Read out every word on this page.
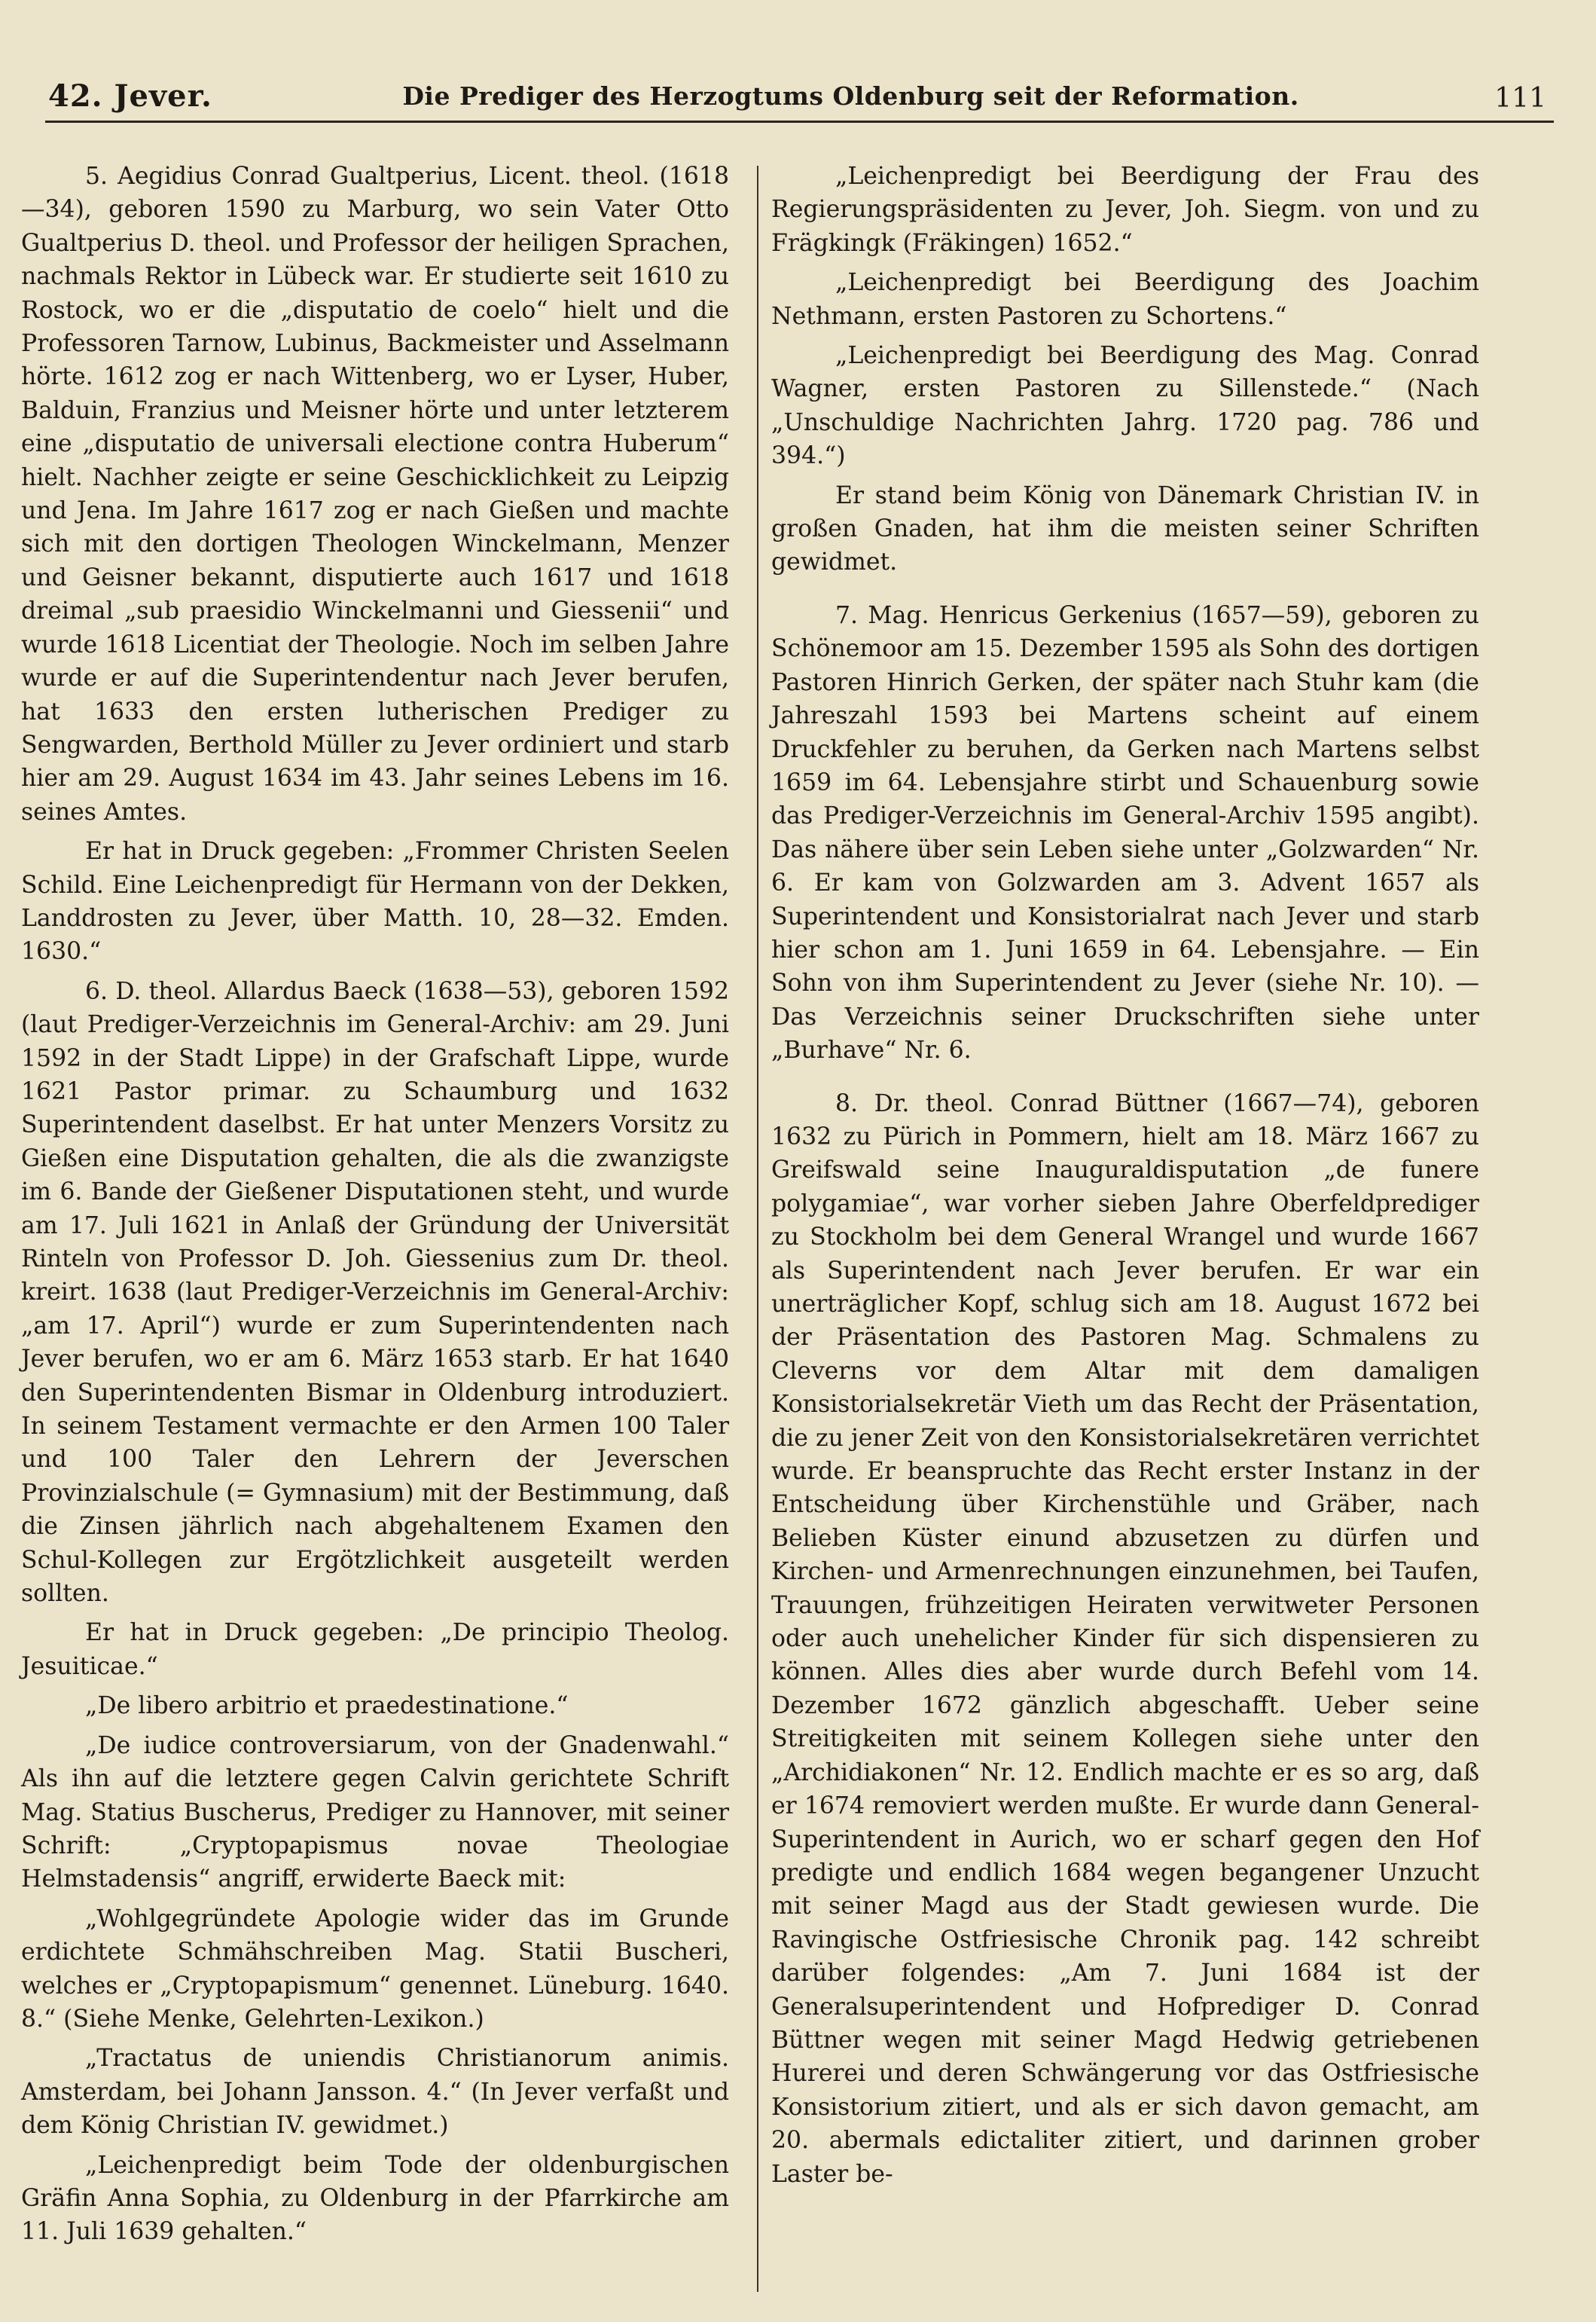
42. Jever.	Die Prediger des Herzogtums Oldenburg seit der Reformation.	111

5. Aegidius Conrad Gualtperius, Licent. theol. (1618—34), geboren 1590 zu Marburg, wo sein Vater Otto Gualtperius D. theol. und Professor der heiligen Sprachen, nachmals Rektor in Lübeck war. Er studierte seit 1610 zu Rostock, wo er die „disputatio de coelo“ hielt und die Professoren Tarnow, Lubinus, Backmeister und Asselmann hörte. 1612 zog er nach Wittenberg, wo er Lyser, Huber, Balduin, Franzius und Meisner hörte und unter letzterem eine „disputatio de universali electione contra Huberum“ hielt. Nachher zeigte er seine Geschicklichkeit zu Leipzig und Jena. Im Jahre 1617 zog er nach Gießen und machte sich mit den dortigen Theologen Winckelmann, Menzer und Geisner bekannt, disputierte auch 1617 und 1618 dreimal „sub praesidio Winckelmanni und Giessenii“ und wurde 1618 Licentiat der Theologie. Noch im selben Jahre wurde er auf die Superintendentur nach Jever berufen, hat 1633 den ersten lutherischen Prediger zu Sengwarden, Berthold Müller zu Jever ordiniert und starb hier am 29. August 1634 im 43. Jahr seines Lebens im 16. seines Amtes.

Er hat in Druck gegeben: „Frommer Christen Seelen Schild. Eine Leichenpredigt für Hermann von der Dekken, Landdrosten zu Jever, über Matth. 10, 28—32. Emden. 1630.“

6. D. theol. Allardus Baeck (1638—53), geboren 1592 (laut Prediger-Verzeichnis im General-Archiv: am 29. Juni 1592 in der Stadt Lippe) in der Grafschaft Lippe, wurde 1621 Pastor primar. zu Schaumburg und 1632 Superintendent daselbst. Er hat unter Menzers Vorsitz zu Gießen eine Disputation gehalten, die als die zwanzigste im 6. Bande der Gießener Disputationen steht, und wurde am 17. Juli 1621 in Anlaß der Gründung der Universität Rinteln von Professor D. Joh. Giessenius zum Dr. theol. kreirt. 1638 (laut Prediger-Verzeichnis im General-Archiv: „am 17. April“) wurde er zum Superintendenten nach Jever berufen, wo er am 6. März 1653 starb. Er hat 1640 den Superintendenten Bismar in Oldenburg introduziert. In seinem Testament vermachte er den Armen 100 Taler und 100 Taler den Lehrern der Jeverschen Provinzialschule (= Gymnasium) mit der Bestimmung, daß die Zinsen jährlich nach abgehaltenem Examen den Schul-Kollegen zur Ergötzlichkeit ausgeteilt werden sollten.

Er hat in Druck gegeben: „De principio Theolog. Jesuiticae.“

„De libero arbitrio et praedestinatione.“

„De iudice controversiarum, von der Gnadenwahl.“ Als ihn auf die letztere gegen Calvin gerichtete Schrift Mag. Statius Buscherus, Prediger zu Hannover, mit seiner Schrift: „Cryptopapismus novae Theologiae Helmstadensis“ angriff, erwiderte Baeck mit:

„Wohlgegründete Apologie wider das im Grunde erdichtete Schmähschreiben Mag. Statii Buscheri, welches er „Cryptopapismum“ genennet. Lüneburg. 1640. 8.“ (Siehe Menke, Gelehrten-Lexikon.)

„Tractatus de uniendis Christianorum animis. Amsterdam, bei Johann Jansson. 4.“ (In Jever verfaßt und dem König Christian IV. gewidmet.)

„Leichenpredigt beim Tode der oldenburgischen Gräfin Anna Sophia, zu Oldenburg in der Pfarrkirche am 11. Juli 1639 gehalten.“

„Leichenpredigt bei Beerdigung der Frau des Regierungspräsidenten zu Jever, Joh. Siegm. von und zu Frägkingk (Fräkingen) 1652.“

„Leichenpredigt bei Beerdigung des Joachim Nethmann, ersten Pastoren zu Schortens.“

„Leichenpredigt bei Beerdigung des Mag. Conrad Wagner, ersten Pastoren zu Sillenstede.“ (Nach „Unschuldige Nachrichten Jahrg. 1720 pag. 786 und 394.“)

Er stand beim König von Dänemark Christian IV. in großen Gnaden, hat ihm die meisten seiner Schriften gewidmet.

7. Mag. Henricus Gerkenius (1657—59), geboren zu Schönemoor am 15. Dezember 1595 als Sohn des dortigen Pastoren Hinrich Gerken, der später nach Stuhr kam (die Jahreszahl 1593 bei Martens scheint auf einem Druckfehler zu beruhen, da Gerken nach Martens selbst 1659 im 64. Lebensjahre stirbt und Schauenburg sowie das Prediger-Verzeichnis im General-Archiv 1595 angibt). Das nähere über sein Leben siehe unter „Golzwarden“ Nr. 6. Er kam von Golzwarden am 3. Advent 1657 als Superintendent und Konsistorialrat nach Jever und starb hier schon am 1. Juni 1659 in 64. Lebensjahre. — Ein Sohn von ihm Superintendent zu Jever (siehe Nr. 10). — Das Verzeichnis seiner Druckschriften siehe unter „Burhave“ Nr. 6.

8. Dr. theol. Conrad Büttner (1667—74), geboren 1632 zu Pürich in Pommern, hielt am 18. März 1667 zu Greifswald seine Inauguraldisputation „de funere polygamiae“, war vorher sieben Jahre Oberfeldprediger zu Stockholm bei dem General Wrangel und wurde 1667 als Superintendent nach Jever berufen. Er war ein unerträglicher Kopf, schlug sich am 18. August 1672 bei der Präsentation des Pastoren Mag. Schmalens zu Cleverns vor dem Altar mit dem damaligen Konsistorialsekretär Vieth um das Recht der Präsentation, die zu jener Zeit von den Konsistorialsekretären verrichtet wurde. Er beanspruchte das Recht erster Instanz in der Entscheidung über Kirchenstühle und Gräber, nach Belieben Küster einund abzusetzen zu dürfen und Kirchen- und Armenrechnungen einzunehmen, bei Taufen, Trauungen, frühzeitigen Heiraten verwitweter Personen oder auch unehelicher Kinder für sich dispensieren zu können. Alles dies aber wurde durch Befehl vom 14. Dezember 1672 gänzlich abgeschafft. Ueber seine Streitigkeiten mit seinem Kollegen siehe unter den „Archidiakonen“ Nr. 12. Endlich machte er es so arg, daß er 1674 removiert werden mußte. Er wurde dann General-Superintendent in Aurich, wo er scharf gegen den Hof predigte und endlich 1684 wegen begangener Unzucht mit seiner Magd aus der Stadt gewiesen wurde. Die Ravingische Ostfriesische Chronik pag. 142 schreibt darüber folgendes: „Am 7. Juni 1684 ist der Generalsuperintendent und Hofprediger D. Conrad Büttner wegen mit seiner Magd Hedwig getriebenen Hurerei und deren Schwängerung vor das Ostfriesische Konsistorium zitiert, und als er sich davon gemacht, am 20. abermals edictaliter zitiert, und darinnen grober Laster be-
